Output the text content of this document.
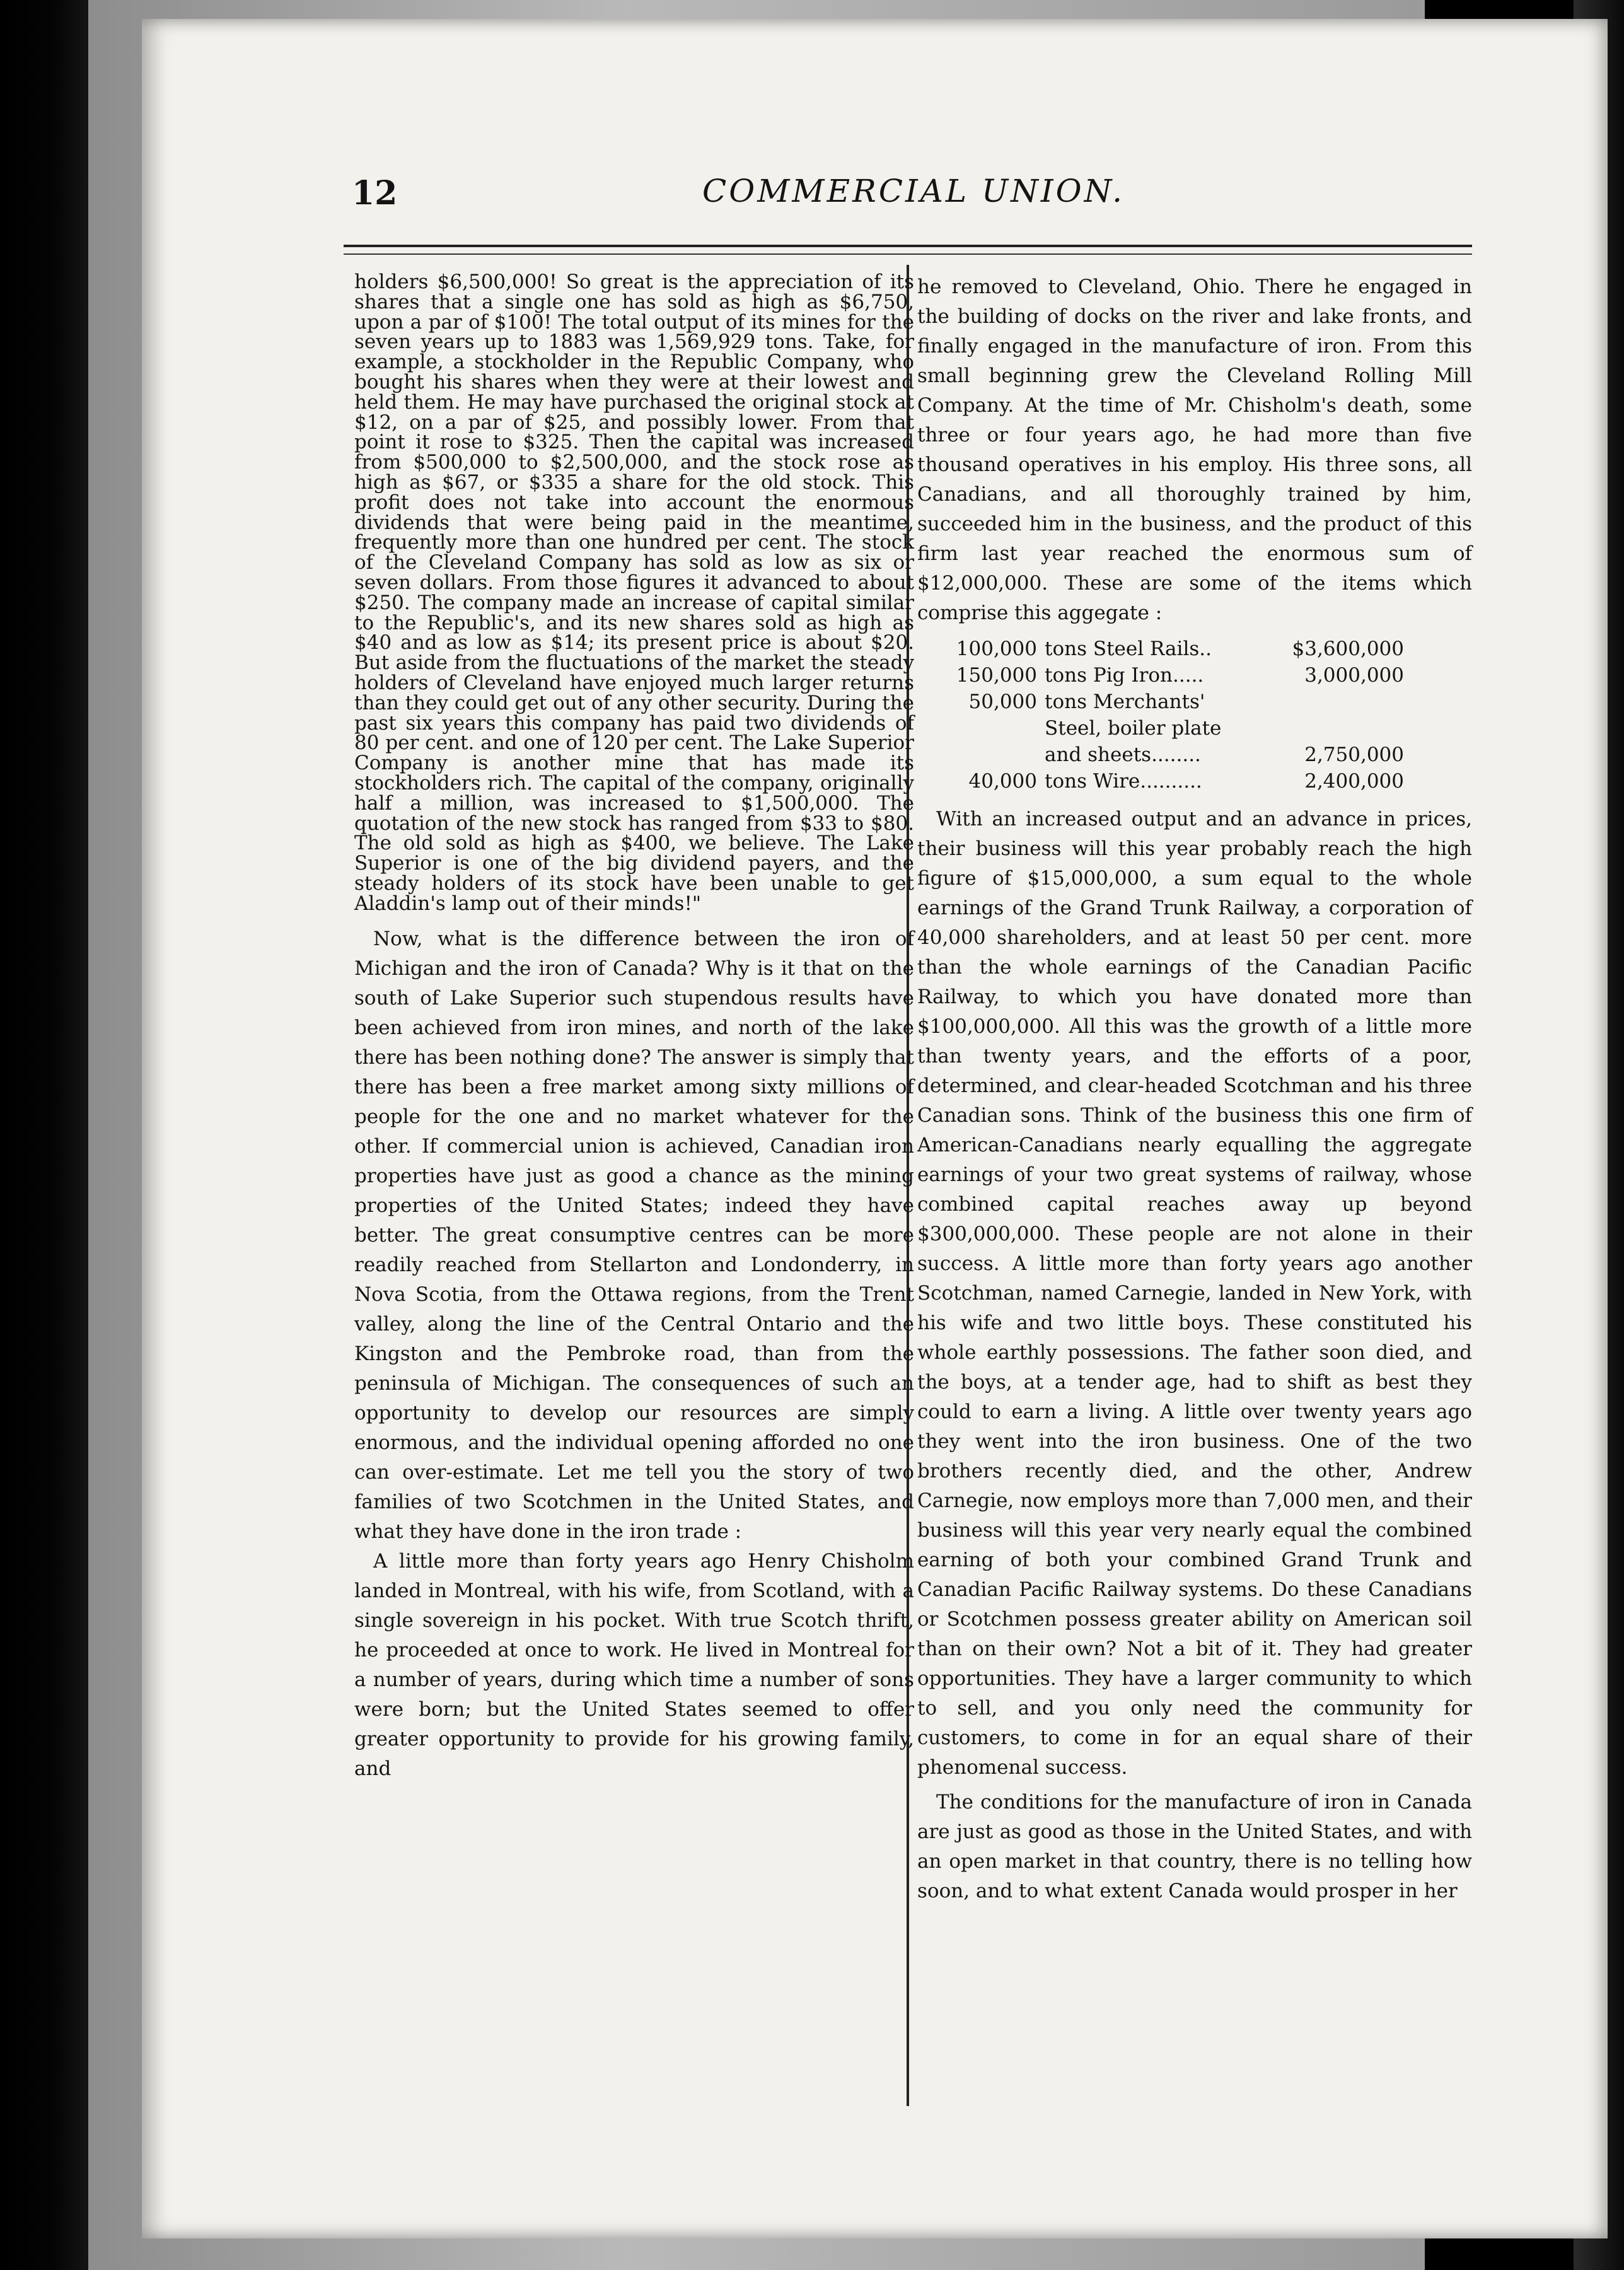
12	COMMERCIAL UNION.

holders $6,500,000! So great is the appreciation of its shares that a single one has sold as high as $6,750, upon a par of $100! The total output of its mines for the seven years up to 1883 was 1,569,929 tons. Take, for example, a stockholder in the Republic Company, who bought his shares when they were at their lowest and held them. He may have purchased the original stock at $12, on a par of $25, and possibly lower. From that point it rose to $325. Then the capital was increased from $500,000 to $2,500,000, and the stock rose as high as $67, or $335 a share for the old stock. This profit does not take into account the enormous dividends that were being paid in the meantime, frequently more than one hundred per cent. The stock of the Cleveland Company has sold as low as six or seven dollars. From those figures it advanced to about $250. The company made an increase of capital similar to the Republic's, and its new shares sold as high as $40 and as low as $14; its present price is about $20. But aside from the fluctuations of the market the steady holders of Cleveland have enjoyed much larger returns than they could get out of any other security. During the past six years this company has paid two dividends of 80 per cent. and one of 120 per cent. The Lake Superior Company is another mine that has made its stockholders rich. The capital of the company, originally half a million, was increased to $1,500,000. The quotation of the new stock has ranged from $33 to $80. The old sold as high as $400, we believe. The Lake Superior is one of the big dividend payers, and the steady holders of its stock have been unable to get Aladdin's lamp out of their minds!"

Now, what is the difference between the iron of Michigan and the iron of Canada? Why is it that on the south of Lake Superior such stupendous results have been achieved from iron mines, and north of the lake there has been nothing done? The answer is simply that there has been a free market among sixty millions of people for the one and no market whatever for the other. If commercial union is achieved, Canadian iron properties have just as good a chance as the mining properties of the United States; indeed they have better. The great consumptive centres can be more readily reached from Stellarton and Londonderry, in Nova Scotia, from the Ottawa regions, from the Trent valley, along the line of the Central Ontario and the Kingston and the Pembroke road, than from the peninsula of Michigan. The consequences of such an opportunity to develop our resources are simply enormous, and the individual opening afforded no one can over-estimate. Let me tell you the story of two families of two Scotchmen in the United States, and what they have done in the iron trade :

A little more than forty years ago Henry Chisholm landed in Montreal, with his wife, from Scotland, with a single sovereign in his pocket. With true Scotch thrift, he proceeded at once to work. He lived in Montreal for a number of years, during which time a number of sons were born; but the United States seemed to offer greater opportunity to provide for his growing family, and

he removed to Cleveland, Ohio. There he engaged in the building of docks on the river and lake fronts, and finally engaged in the manufacture of iron. From this small beginning grew the Cleveland Rolling Mill Company. At the time of Mr. Chisholm's death, some three or four years ago, he had more than five thousand operatives in his employ. His three sons, all Canadians, and all thoroughly trained by him, succeeded him in the business, and the product of this firm last year reached the enormous sum of $12,000,000. These are some of the items which comprise this aggegate :

100,000	tons Steel Rails..	$3,600,000
150,000	tons Pig Iron.....	3,000,000
50,000	tons Merchants'	
	Steel, boiler plate	
	and sheets........	2,750,000
40,000	tons Wire..........	2,400,000

With an increased output and an advance in prices, their business will this year probably reach the high figure of $15,000,000, a sum equal to the whole earnings of the Grand Trunk Railway, a corporation of 40,000 shareholders, and at least 50 per cent. more than the whole earnings of the Canadian Pacific Railway, to which you have donated more than $100,000,000. All this was the growth of a little more than twenty years, and the efforts of a poor, determined, and clear-headed Scotchman and his three Canadian sons. Think of the business this one firm of American-Canadians nearly equalling the aggregate earnings of your two great systems of railway, whose combined capital reaches away up beyond $300,000,000. These people are not alone in their success. A little more than forty years ago another Scotchman, named Carnegie, landed in New York, with his wife and two little boys. These constituted his whole earthly possessions. The father soon died, and the boys, at a tender age, had to shift as best they could to earn a living. A little over twenty years ago they went into the iron business. One of the two brothers recently died, and the other, Andrew Carnegie, now employs more than 7,000 men, and their business will this year very nearly equal the combined earning of both your combined Grand Trunk and Canadian Pacific Railway systems. Do these Canadians or Scotchmen possess greater ability on American soil than on their own? Not a bit of it. They had greater opportunities. They have a larger community to which to sell, and you only need the community for customers, to come in for an equal share of their phenomenal success.

The conditions for the manufacture of iron in Canada are just as good as those in the United States, and with an open market in that country, there is no telling how soon, and to what extent Canada would prosper in her
